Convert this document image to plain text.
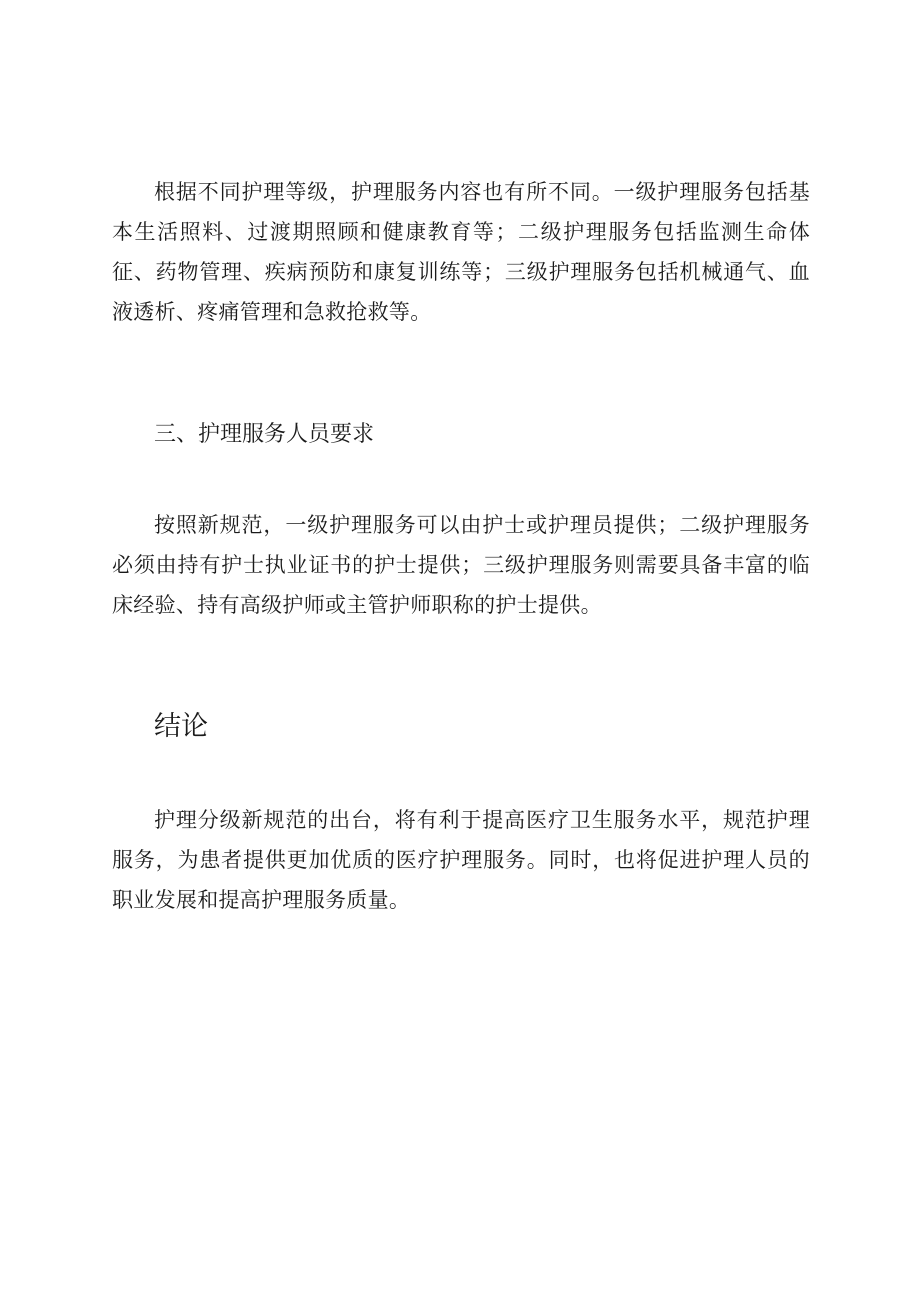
根据不同护理等级，护理服务内容也有所不同。一级护理服务包括基本生活照料、过渡期照顾和健康教育等；二级护理服务包括监测生命体征、药物管理、疾病预防和康复训练等；三级护理服务包括机械通气、血液透析、疼痛管理和急救抢救等。

三、护理服务人员要求

按照新规范，一级护理服务可以由护士或护理员提供；二级护理服务必须由持有护士执业证书的护士提供；三级护理服务则需要具备丰富的临床经验、持有高级护师或主管护师职称的护士提供。

结论

护理分级新规范的出台，将有利于提高医疗卫生服务水平，规范护理服务，为患者提供更加优质的医疗护理服务。同时，也将促进护理人员的职业发展和提高护理服务质量。
